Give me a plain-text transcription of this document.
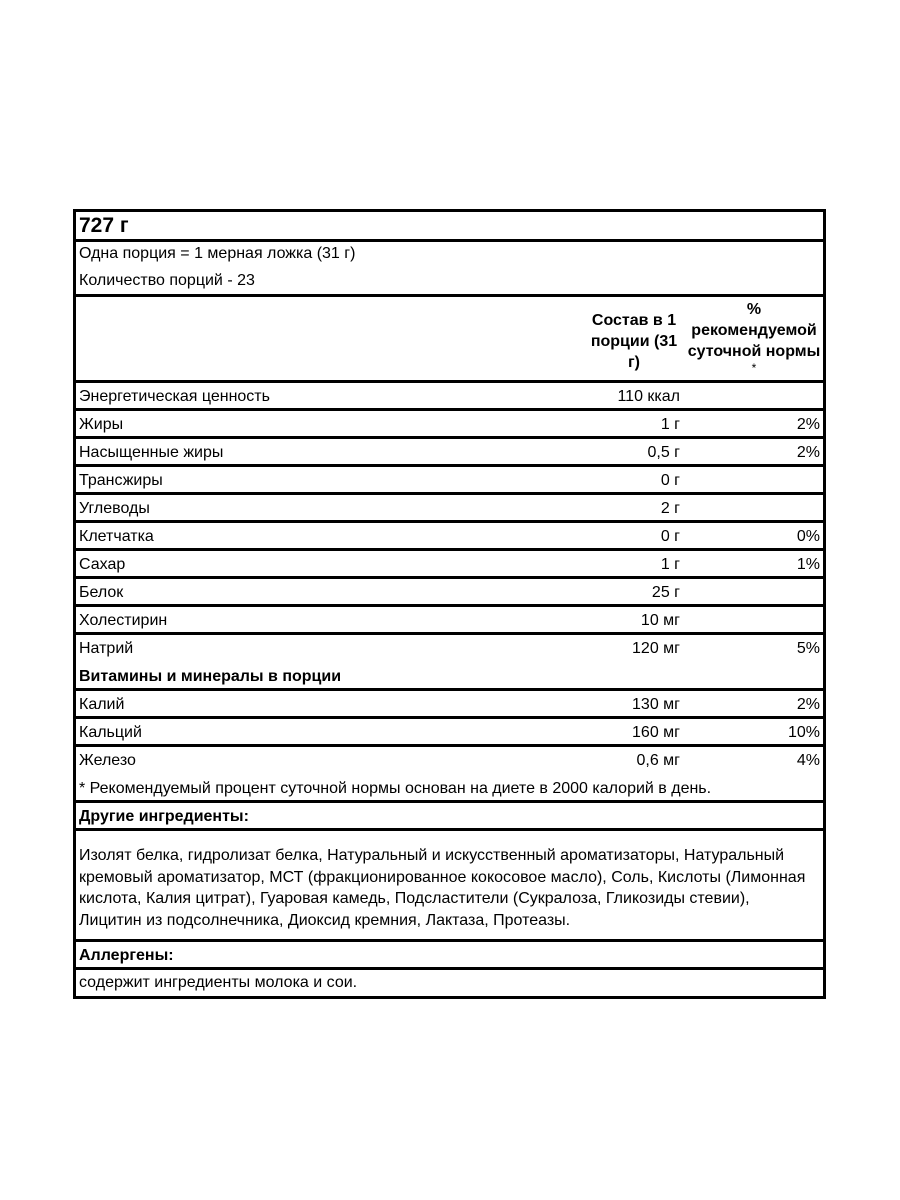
727 г
Одна порция = 1 мерная ложка (31 г)
Количество порций - 23
Состав в 1 порции (31 г)
% рекомендуемой суточной нормы
*
Энергетическая ценность	110 ккал
Жиры	1 г	2%
Насыщенные жиры	0,5 г	2%
Трансжиры	0 г
Углеводы	2 г
Клетчатка	0 г	0%
Сахар	1 г	1%
Белок	25 г
Холестирин	10 мг
Натрий	120 мг	5%
Витамины и минералы в порции
Калий	130 мг	2%
Кальций	160 мг	10%
Железо	0,6 мг	4%
* Рекомендуемый процент суточной нормы основан на диете в 2000 калорий в день.
Другие ингредиенты:
Изолят белка, гидролизат белка, Натуральный и искусственный ароматизаторы, Натуральный кремовый ароматизатор, МСТ (фракционированное кокосовое масло), Соль, Кислоты (Лимонная кислота, Калия цитрат), Гуаровая камедь, Подсластители (Сукралоза, Гликозиды стевии), Лицитин из подсолнечника, Диоксид кремния, Лактаза, Протеазы.
Аллергены:
содержит ингредиенты молока и сои.
